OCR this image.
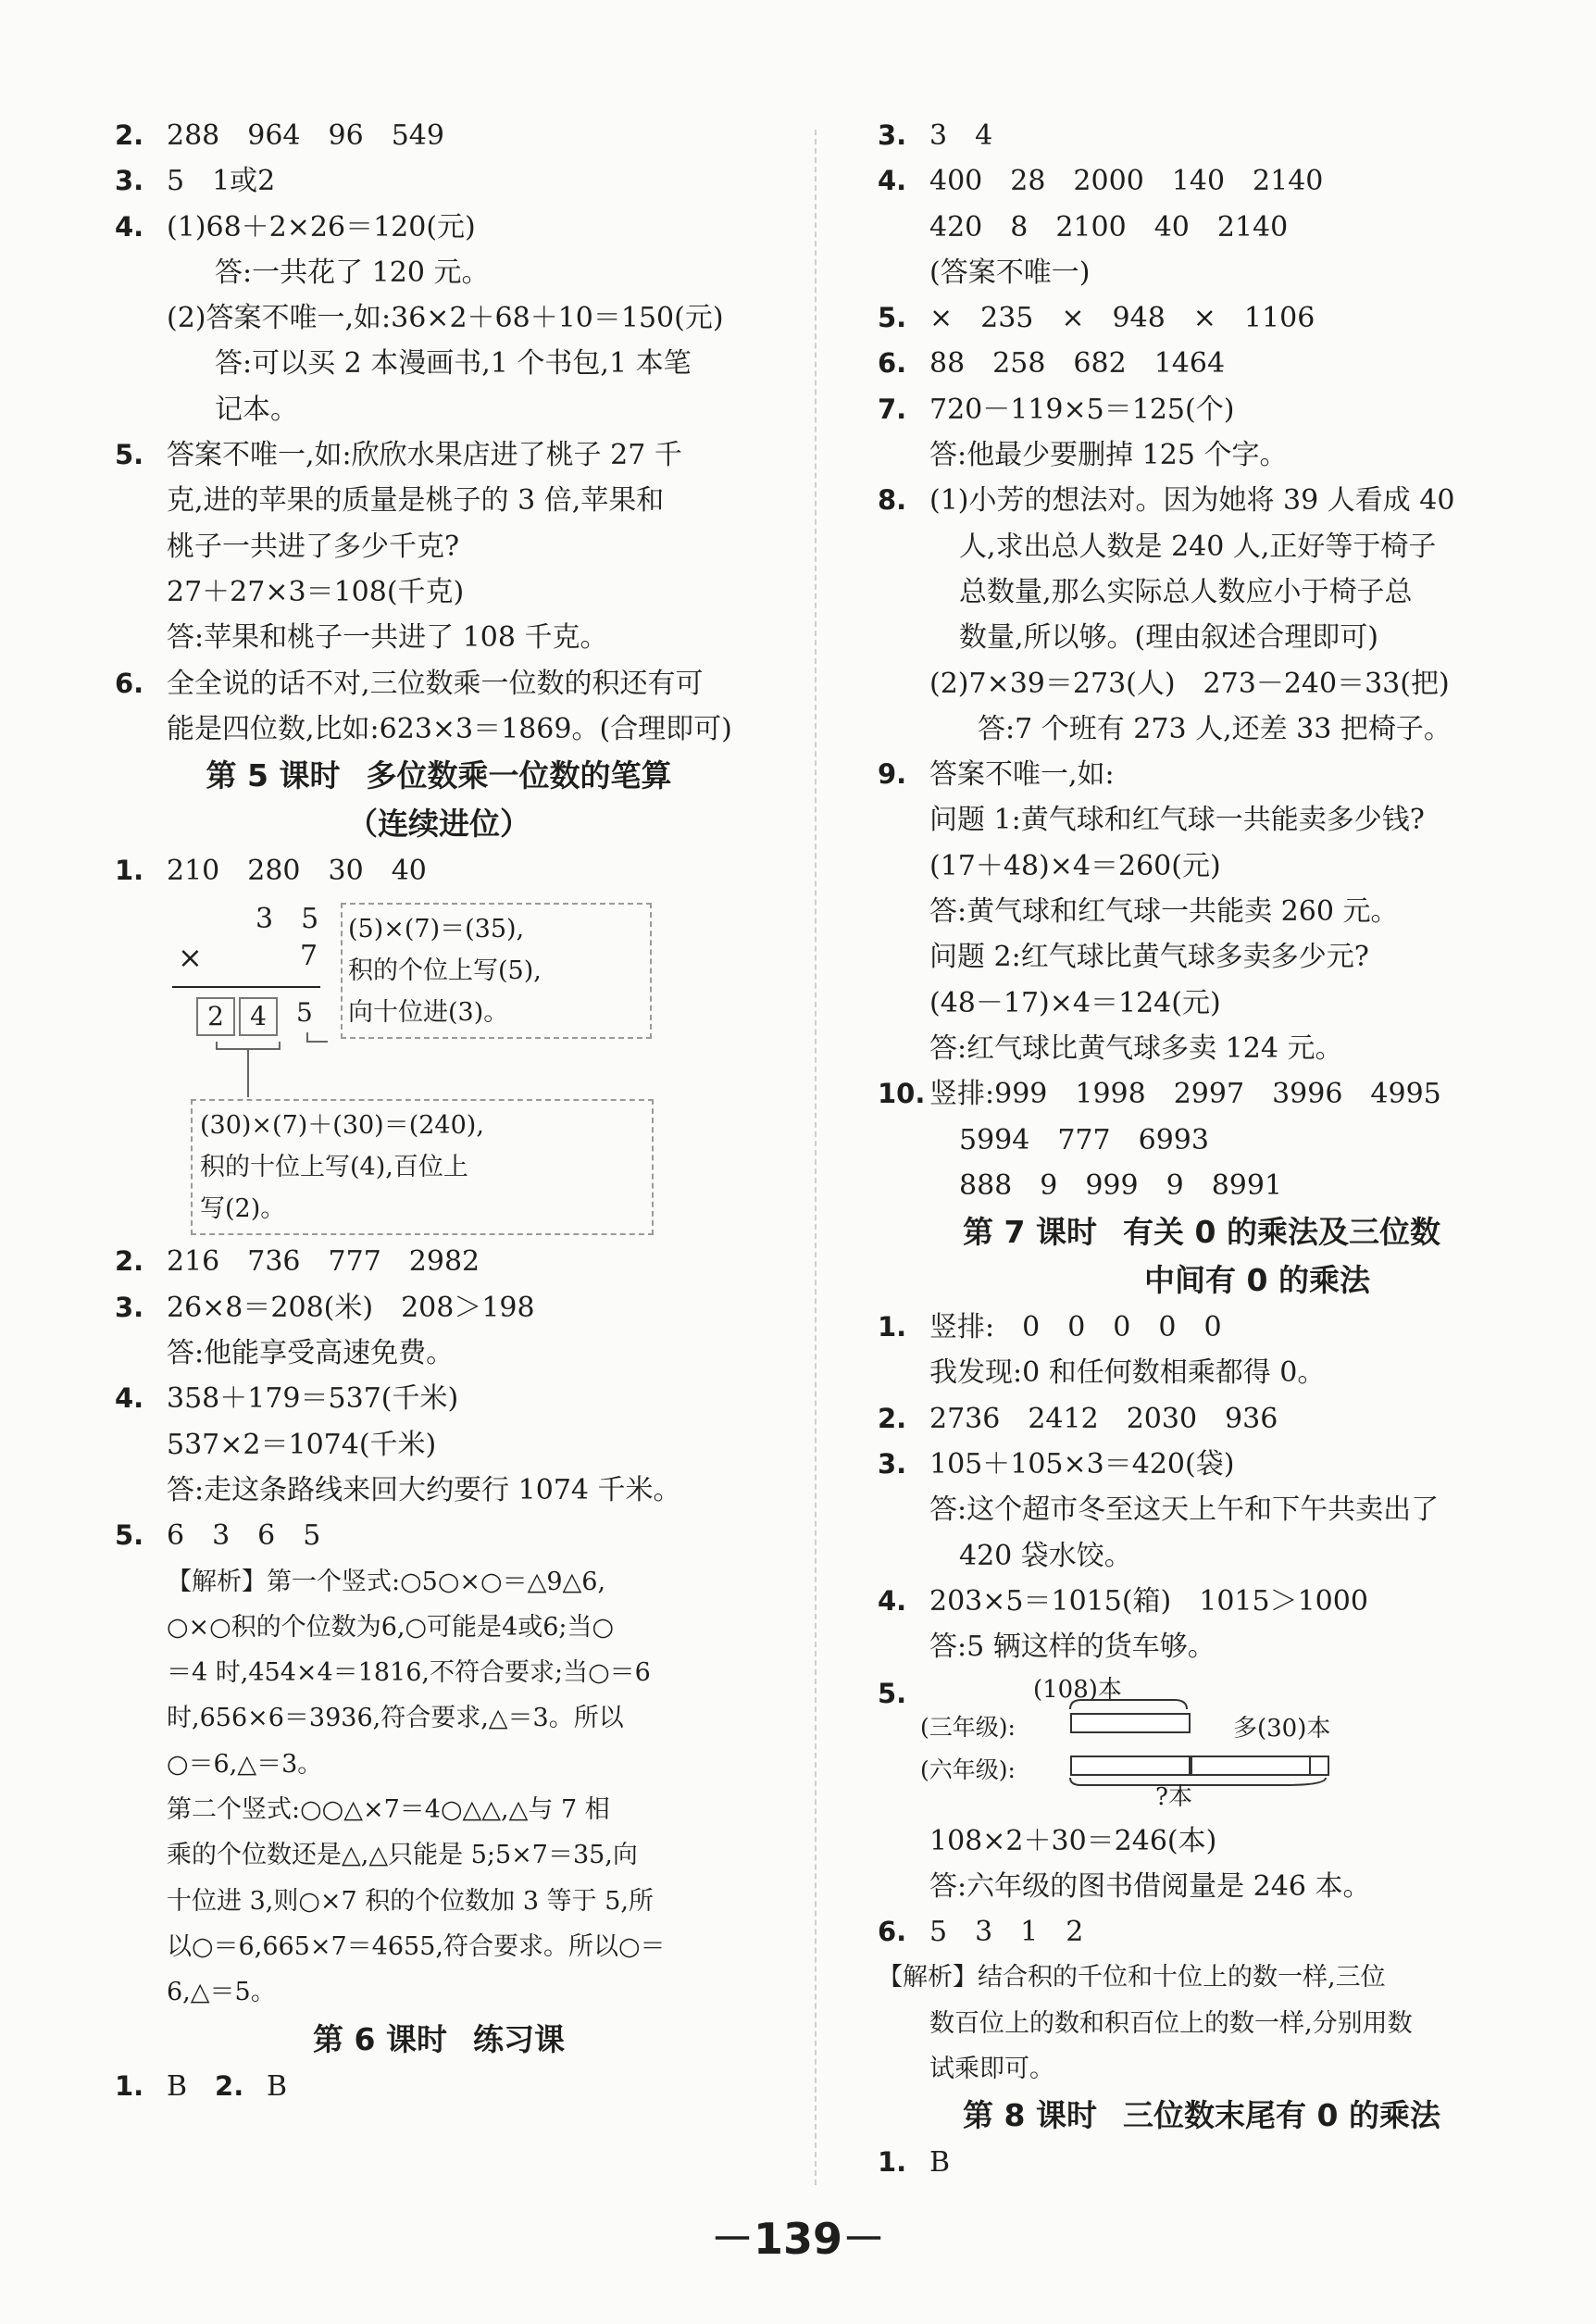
2. 288　964　96　549
3. 5　1或2
4. (1)68＋2×26＝120(元)
答:一共花了 120 元。
(2)答案不唯一,如:36×2＋68＋10＝150(元)
答:可以买 2 本漫画书,1 个书包,1 本笔
记本。
5. 答案不唯一,如:欣欣水果店进了桃子 27 千
克,进的苹果的质量是桃子的 3 倍,苹果和
桃子一共进了多少千克?
27＋27×3＝108(千克)
答:苹果和桃子一共进了 108 千克。
6. 全全说的话不对,三位数乘一位数的积还有可
能是四位数,比如:623×3＝1869。(合理即可)
第 5 课时 多位数乘一位数的笔算
（连续进位）
1. 210　280　30　40
3　5
×	7
2	4	5
(5)×(7)＝(35),
积的个位上写(5),
向十位进(3)。
(30)×(7)＋(30)＝(240),
积的十位上写(4),百位上
写(2)。
2. 216　736　777　2982
3. 26×8＝208(米)　208＞198
答:他能享受高速免费。
4. 358＋179＝537(千米)
537×2＝1074(千米)
答:走这条路线来回大约要行 1074 千米。
5. 6　3　6　5
【解析】第一个竖式:○5○×○＝△9△6,
○×○积的个位数为6,○可能是4或6;当○
＝4 时,454×4＝1816,不符合要求;当○＝6
时,656×6＝3936,符合要求,△＝3。所以
○＝6,△＝3。
第二个竖式:○○△×7＝4○△△,△与 7 相
乘的个位数还是△,△只能是 5;5×7＝35,向
十位进 3,则○×7 积的个位数加 3 等于 5,所
以○＝6,665×7＝4655,符合要求。所以○＝
6,△＝5。
第 6 课时 练习课
1. B　2. B
3. 3　4
4. 400　28　2000　140　2140
420　8　2100　40　2140
(答案不唯一)
5. ×　235　×　948　×　1106
6. 88　258　682　1464
7. 720－119×5＝125(个)
答:他最少要删掉 125 个字。
8. (1)小芳的想法对。因为她将 39 人看成 40
人,求出总人数是 240 人,正好等于椅子
总数量,那么实际总人数应小于椅子总
数量,所以够。(理由叙述合理即可)
(2)7×39＝273(人)　273－240＝33(把)
答:7 个班有 273 人,还差 33 把椅子。
9. 答案不唯一,如:
问题 1:黄气球和红气球一共能卖多少钱?
(17＋48)×4＝260(元)
答:黄气球和红气球一共能卖 260 元。
问题 2:红气球比黄气球多卖多少元?
(48－17)×4＝124(元)
答:红气球比黄气球多卖 124 元。
10. 竖排:999　1998　2997　3996　4995
5994　777　6993
888　9　999　9　8991
第 7 课时 有关 0 的乘法及三位数
中间有 0 的乘法
1. 竖排:　0　0　0　0　0
我发现:0 和任何数相乘都得 0。
2. 2736　2412　2030　936
3. 105＋105×3＝420(袋)
答:这个超市冬至这天上午和下午共卖出了
420 袋水饺。
4. 203×5＝1015(箱)　1015＞1000
答:5 辆这样的货车够。
5.	(108)本
(三年级):	多(30)本
(六年级):
?本
108×2＋30＝246(本)
答:六年级的图书借阅量是 246 本。
6. 5　3　1　2
【解析】结合积的千位和十位上的数一样,三位
数百位上的数和积百位上的数一样,分别用数
试乘即可。
第 8 课时 三位数末尾有 0 的乘法
1. B
－139－
